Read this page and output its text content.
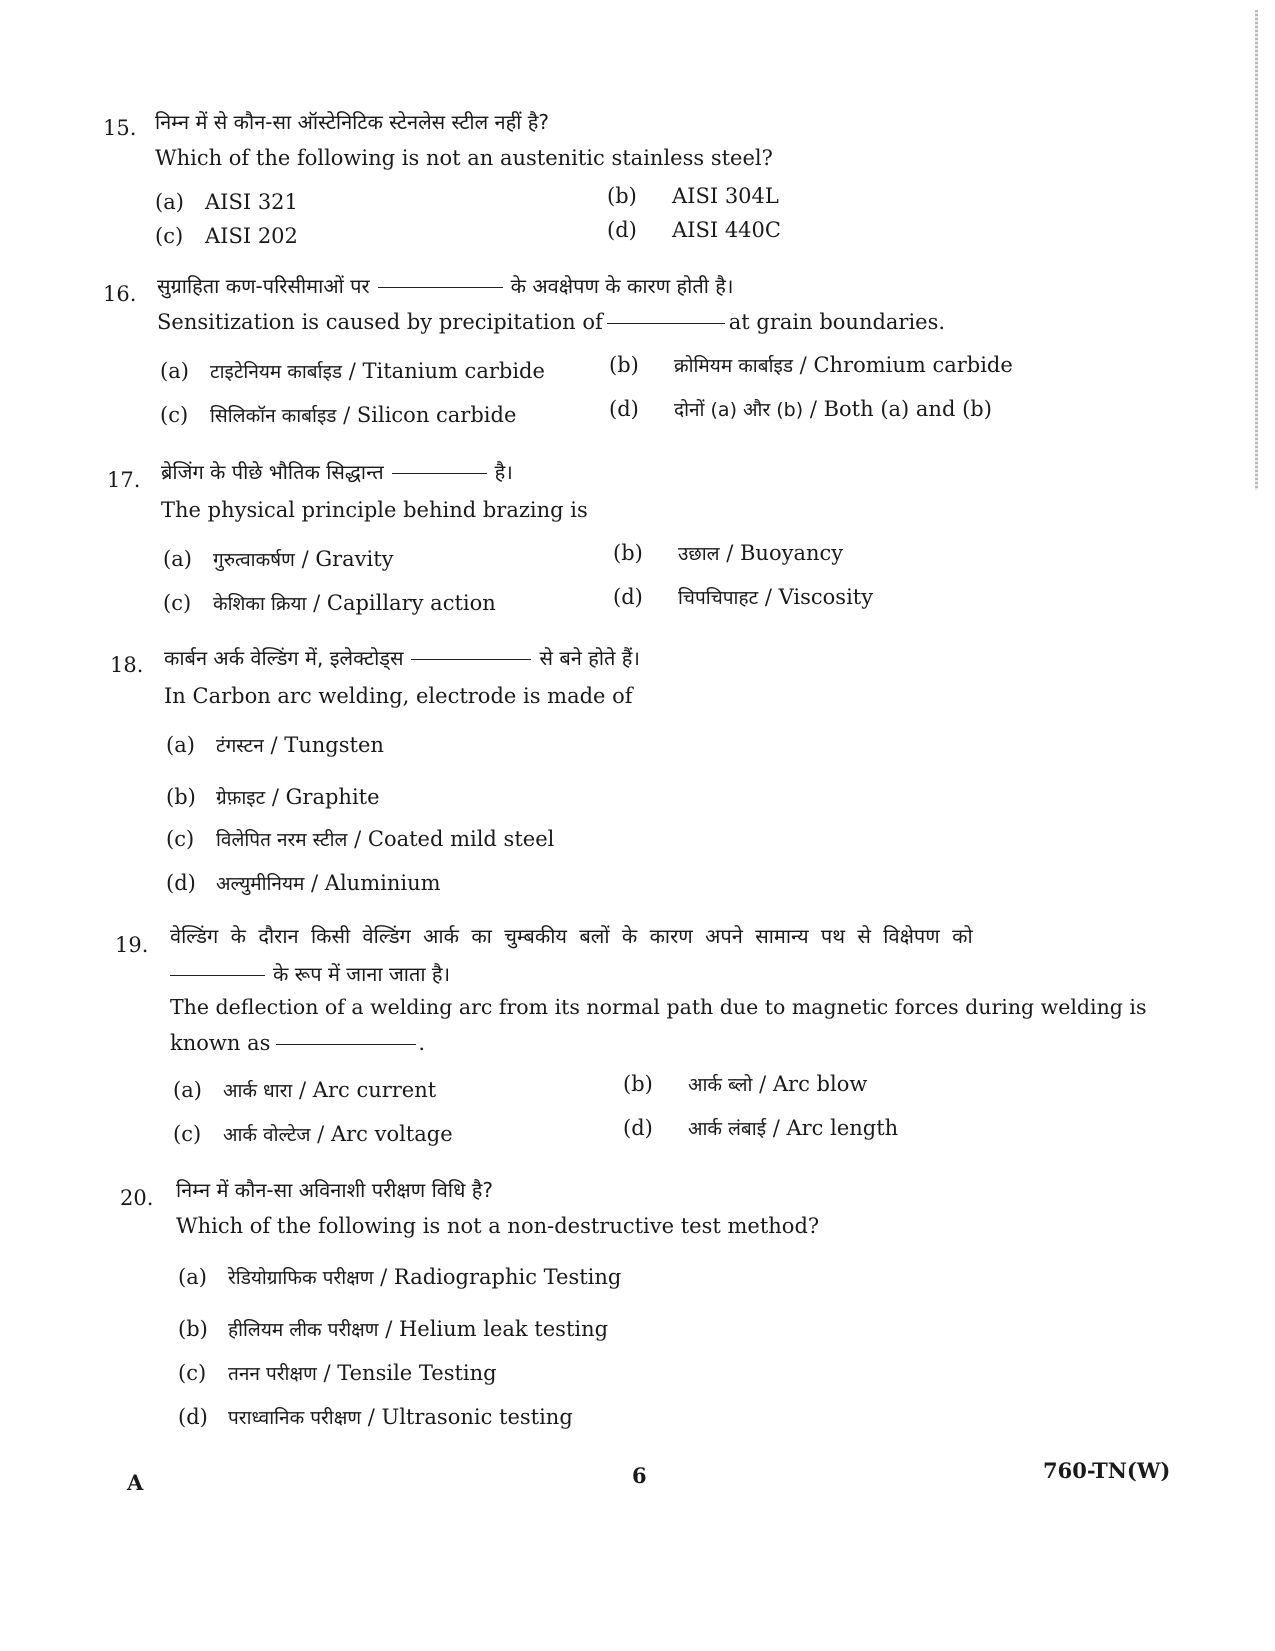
15. निम्न में से कौन-सा ऑस्टेनिटिक स्टेनलेस स्टील नहीं है?
Which of the following is not an austenitic stainless steel?
(a) AISI 321	(b) AISI 304L
(c) AISI 202	(d) AISI 440C
16. सुग्राहिता कण-परिसीमाओं पर	के अवक्षेपण के कारण होती है।
Sensitization is caused by precipitation of	at grain boundaries.
(a) टाइटेनियम कार्बाइड / Titanium carbide	(b) क्रोमियम कार्बाइड / Chromium carbide
(c) सिलिकॉन कार्बाइड / Silicon carbide	(d) दोनों (a) और (b) / Both (a) and (b)
17. ब्रेजिंग के पीछे भौतिक सिद्धान्त	है।
The physical principle behind brazing is
(a) गुरुत्वाकर्षण / Gravity	(b) उछाल / Buoyancy
(c) केशिका क्रिया / Capillary action	(d) चिपचिपाहट / Viscosity
18. कार्बन अर्क वेल्डिंग में, इलेक्टोड्स	से बने होते हैं।
In Carbon arc welding, electrode is made of
(a) टंगस्टन / Tungsten
(b) ग्रेफ़ाइट / Graphite
(c) विलेपित नरम स्टील / Coated mild steel
(d) अल्युमीनियम / Aluminium
19. वेल्डिंग के दौरान किसी वेल्डिंग आर्क का चुम्बकीय बलों के कारण अपने सामान्य पथ से विक्षेपण को
के रूप में जाना जाता है।
The deflection of a welding arc from its normal path due to magnetic forces during welding is
known as	.
(a) आर्क धारा / Arc current	(b) आर्क ब्लो / Arc blow
(c) आर्क वोल्टेज / Arc voltage	(d) आर्क लंबाई / Arc length
20. निम्न में कौन-सा अविनाशी परीक्षण विधि है?
Which of the following is not a non-destructive test method?
(a) रेडियोग्राफिक परीक्षण / Radiographic Testing
(b) हीलियम लीक परीक्षण / Helium leak testing
(c) तनन परीक्षण / Tensile Testing
(d) पराध्वानिक परीक्षण / Ultrasonic testing
A	6	760-TN(W)
